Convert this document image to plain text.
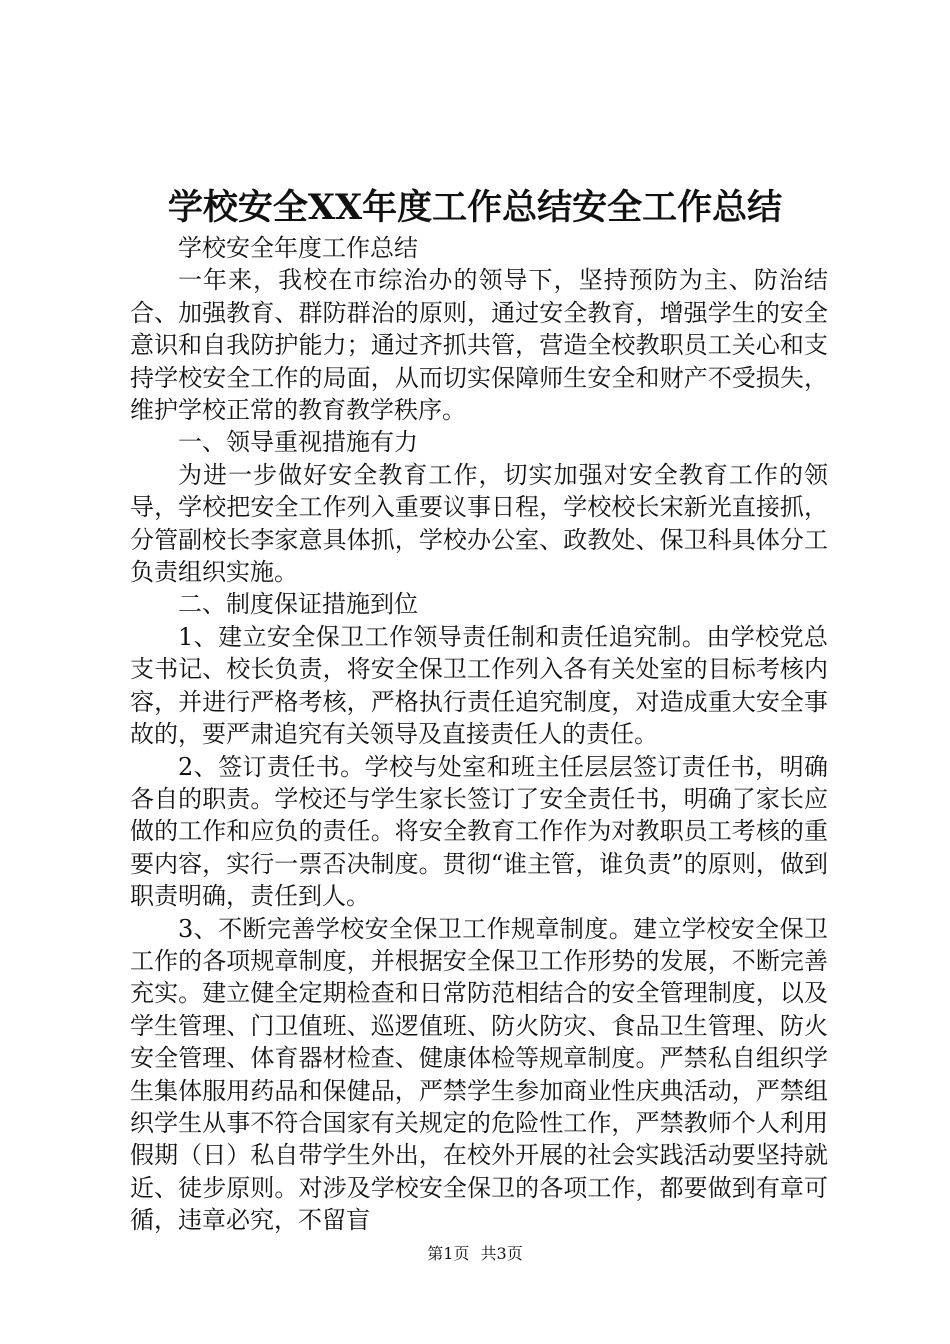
学校安全XX年度工作总结安全工作总结

学校安全年度工作总结

一年来，我校在市综治办的领导下，坚持预防为主、防治结合、加强教育、群防群治的原则，通过安全教育，增强学生的安全意识和自我防护能力；通过齐抓共管，营造全校教职员工关心和支持学校安全工作的局面，从而切实保障师生安全和财产不受损失，维护学校正常的教育教学秩序。

一、领导重视措施有力

为进一步做好安全教育工作，切实加强对安全教育工作的领导，学校把安全工作列入重要议事日程，学校校长宋新光直接抓，分管副校长李家意具体抓，学校办公室、政教处、保卫科具体分工负责组织实施。

二、制度保证措施到位

1、建立安全保卫工作领导责任制和责任追究制。由学校党总支书记、校长负责，将安全保卫工作列入各有关处室的目标考核内容，并进行严格考核，严格执行责任追究制度，对造成重大安全事故的，要严肃追究有关领导及直接责任人的责任。

2、签订责任书。学校与处室和班主任层层签订责任书，明确各自的职责。学校还与学生家长签订了安全责任书，明确了家长应做的工作和应负的责任。将安全教育工作作为对教职员工考核的重要内容，实行一票否决制度。贯彻“谁主管，谁负责”的原则，做到职责明确，责任到人。

3、不断完善学校安全保卫工作规章制度。建立学校安全保卫工作的各项规章制度，并根据安全保卫工作形势的发展，不断完善充实。建立健全定期检查和日常防范相结合的安全管理制度，以及学生管理、门卫值班、巡逻值班、防火防灾、食品卫生管理、防火安全管理、体育器材检查、健康体检等规章制度。严禁私自组织学生集体服用药品和保健品，严禁学生参加商业性庆典活动，严禁组织学生从事不符合国家有关规定的危险性工作，严禁教师个人利用假期（日）私自带学生外出，在校外开展的社会实践活动要坚持就近、徒步原则。对涉及学校安全保卫的各项工作，都要做到有章可循，违章必究，不留盲

第1页 共3页
